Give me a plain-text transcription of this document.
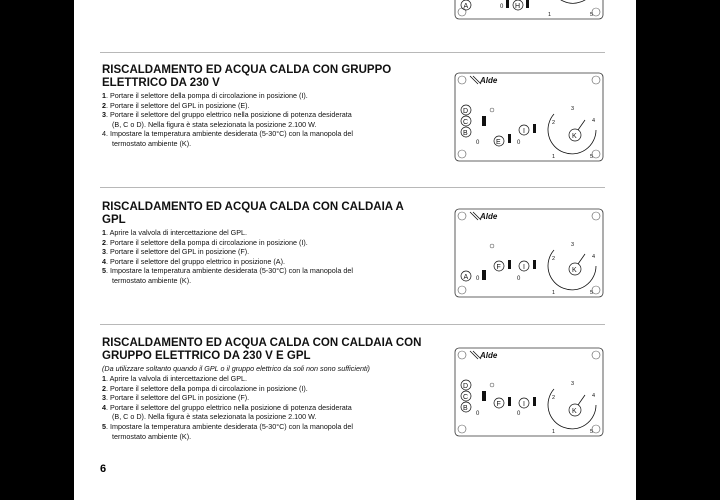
A	0 H
1	5

RISCALDAMENTO ED ACQUA CALDA CON GRUPPO
ELETTRICO DA 230 V

1. Portare il selettore della pompa di circolazione in posizione (I).
2. Portare il selettore del GPL in posizione (E).
3. Portare il selettore del gruppo elettrico nella posizione di potenza desiderata
(B, C o D). Nella figura è stata selezionata la posizione 2.100 W.
4. Impostare la temperatura ambiente desiderata (5-30°C) con la manopola del
termostato ambiente (K).
Alde
D
C
B
0 E
I
0
K
1
2
3
4
5

RISCALDAMENTO ED ACQUA CALDA CON CALDAIA A
GPL

1. Aprire la valvola di intercettazione del GPL.
2. Portare il selettore della pompa di circolazione in posizione (I).
3. Portare il selettore del GPL in posizione (F).
4. Portare il selettore del gruppo elettrico in posizione (A).
5. Impostare la temperatura ambiente desiderata (5-30°C) con la manopola del
termostato ambiente (K).
Alde
A 0
F	I
0
K
1
2
3
4
5

RISCALDAMENTO ED ACQUA CALDA CON CALDAIA CON
GRUPPO ELETTRICO DA 230 V E GPL

(Da utilizzare soltanto quando il GPL o il gruppo elettrico da soli non sono sufficienti)

1. Aprire la valvola di intercettazione del GPL.
2. Portare il selettore della pompa di circolazione in posizione (I).
3. Portare il selettore del GPL in posizione (F).
4. Portare il selettore del gruppo elettrico nella posizione di potenza desiderata
(B, C o D). Nella figura è stata selezionata la posizione 2.100 W.
5. Impostare la temperatura ambiente desiderata (5-30°C) con la manopola del
termostato ambiente (K).
Alde
D
C
B
0
F	I
0	K
1
2
3
4
5
6
